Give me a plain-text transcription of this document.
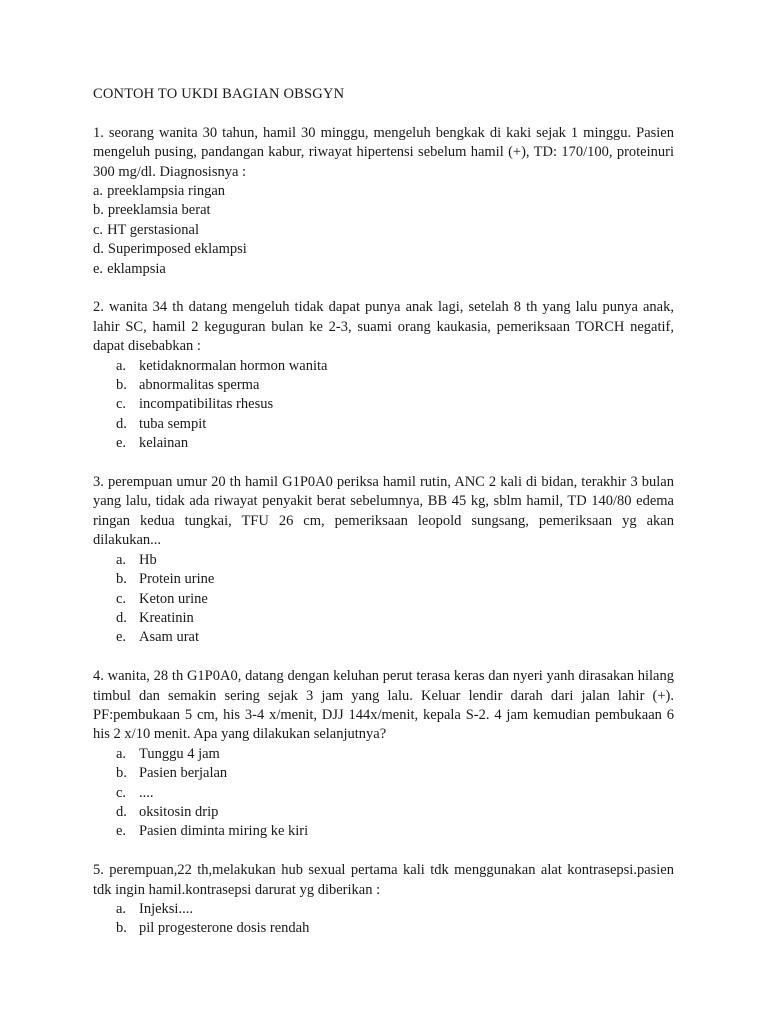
CONTOH TO UKDI BAGIAN OBSGYN

1. seorang wanita 30 tahun, hamil 30 minggu, mengeluh bengkak di kaki sejak 1 minggu. Pasien mengeluh pusing, pandangan kabur, riwayat hipertensi sebelum hamil (+), TD: 170/100, proteinuri 300 mg/dl. Diagnosisnya :

a. preeklampsia ringan
b. preeklamsia berat
c. HT gerstasional
d. Superimposed eklampsi
e. eklampsia

2. wanita 34 th datang mengeluh tidak dapat punya anak lagi, setelah 8 th yang lalu punya anak, lahir SC, hamil 2 keguguran bulan ke 2-3, suami orang kaukasia, pemeriksaan TORCH negatif, dapat disebabkan :

a. ketidaknormalan hormon wanita
b. abnormalitas sperma
c. incompatibilitas rhesus
d. tuba sempit
e. kelainan

3. perempuan umur 20 th hamil G1P0A0 periksa hamil rutin, ANC 2 kali di bidan, terakhir 3 bulan yang lalu, tidak ada riwayat penyakit berat sebelumnya, BB 45 kg, sblm hamil, TD 140/80 edema ringan kedua tungkai, TFU 26 cm, pemeriksaan leopold sungsang, pemeriksaan yg akan dilakukan...

a. Hb
b. Protein urine
c. Keton urine
d. Kreatinin
e. Asam urat

4. wanita, 28 th G1P0A0, datang dengan keluhan perut terasa keras dan nyeri yanh dirasakan hilang timbul dan semakin sering sejak 3 jam yang lalu. Keluar lendir darah dari jalan lahir (+). PF:pembukaan 5 cm, his 3-4 x/menit, DJJ 144x/menit, kepala S-2. 4 jam kemudian pembukaan 6 his 2 x/10 menit. Apa yang dilakukan selanjutnya?

a. Tunggu 4 jam
b. Pasien berjalan
c. ....
d. oksitosin drip
e. Pasien diminta miring ke kiri

5. perempuan,22 th,melakukan hub sexual pertama kali tdk menggunakan alat kontrasepsi.pasien tdk ingin hamil.kontrasepsi darurat yg diberikan :

a. Injeksi....
b. pil progesterone dosis rendah
